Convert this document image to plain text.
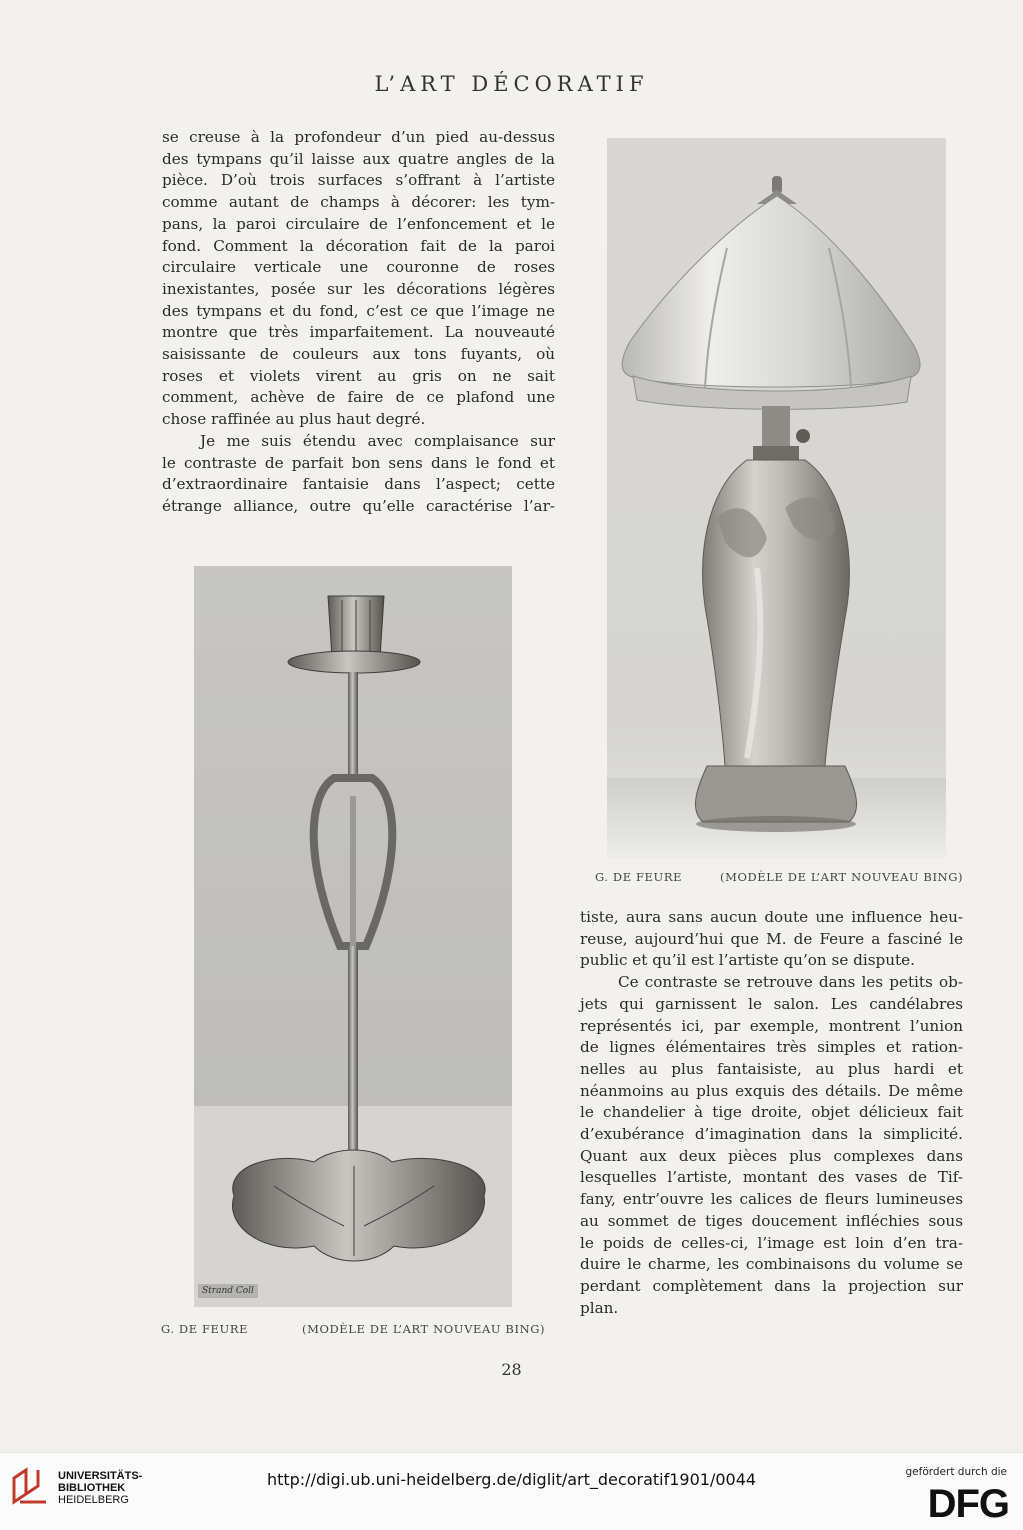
L’ART DÉCORATIF
se creuse à la profondeur d’un pied au-dessus
des tympans qu’il laisse aux quatre angles de la
pièce. D’où trois surfaces s’offrant à l’artiste
comme autant de champs à décorer: les tym-
pans, la paroi circulaire de l’enfoncement et le
fond. Comment la décoration fait de la paroi
circulaire verticale une couronne de roses
inexistantes, posée sur les décorations légères
des tympans et du fond, c’est ce que l’image ne
montre que très imparfaitement. La nouveauté
saisissante de couleurs aux tons fuyants, où
roses et violets virent au gris on ne sait
comment, achève de faire de ce plafond une
chose raffinée au plus haut degré.
Je me suis étendu avec complaisance sur
le contraste de parfait bon sens dans le fond et
d’extraordinaire fantaisie dans l’aspect; cette
étrange alliance, outre qu’elle caractérise l’ar-
G. DE FEURE	(MODÈLE DE L’ART NOUVEAU BING)
Strand Coll
G. DE FEURE	(MODÈLE DE L’ART NOUVEAU BING)
tiste, aura sans aucun doute une influence heu-
reuse, aujourd’hui que M. de Feure a fasciné le
public et qu’il est l’artiste qu’on se dispute.
Ce contraste se retrouve dans les petits ob-
jets qui garnissent le salon. Les candélabres
représentés ici, par exemple, montrent l’union
de lignes élémentaires très simples et ration-
nelles au plus fantaisiste, au plus hardi et
néanmoins au plus exquis des détails. De même
le chandelier à tige droite, objet délicieux fait
d’exubérance d’imagination dans la simplicité.
Quant aux deux pièces plus complexes dans
lesquelles l’artiste, montant des vases de Tif-
fany, entr’ouvre les calices de fleurs lumineuses
au sommet de tiges doucement infléchies sous
le poids de celles-ci, l’image est loin d’en tra-
duire le charme, les combinaisons du volume se
perdant complètement dans la projection sur
plan.
28
UNIVERSITÄTS-
BIBLIOTHEK
HEIDELBERG
http://digi.ub.uni-heidelberg.de/diglit/art_decoratif1901/0044	gefördert durch die
DFG
